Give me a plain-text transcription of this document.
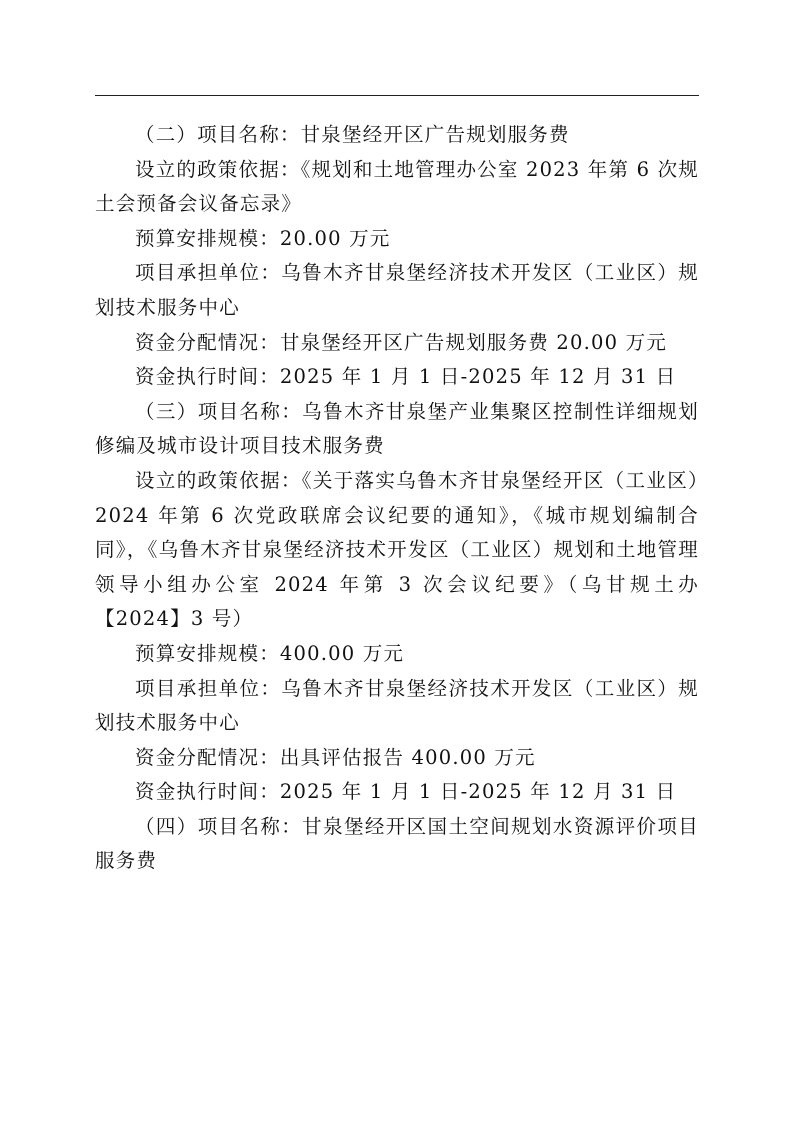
（二）项目名称：甘泉堡经开区广告规划服务费

设立的政策依据：《规划和土地管理办公室 2023 年第 6 次规土会预备会议备忘录》

预算安排规模：20.00 万元

项目承担单位：乌鲁木齐甘泉堡经济技术开发区（工业区）规划技术服务中心

资金分配情况：甘泉堡经开区广告规划服务费 20.00 万元

资金执行时间：2025 年 1 月 1 日-2025 年 12 月 31 日

（三）项目名称：乌鲁木齐甘泉堡产业集聚区控制性详细规划修编及城市设计项目技术服务费

设立的政策依据：《关于落实乌鲁木齐甘泉堡经开区（工业区）2024 年第 6 次党政联席会议纪要的通知》，《城市规划编制合同》，《乌鲁木齐甘泉堡经济技术开发区（工业区）规划和土地管理领导小组办公室 2024 年第 3 次会议纪要》（乌甘规土办【2024】3 号）

预算安排规模：400.00 万元

项目承担单位：乌鲁木齐甘泉堡经济技术开发区（工业区）规划技术服务中心

资金分配情况：出具评估报告 400.00 万元

资金执行时间：2025 年 1 月 1 日-2025 年 12 月 31 日

（四）项目名称：甘泉堡经开区国土空间规划水资源评价项目服务费
